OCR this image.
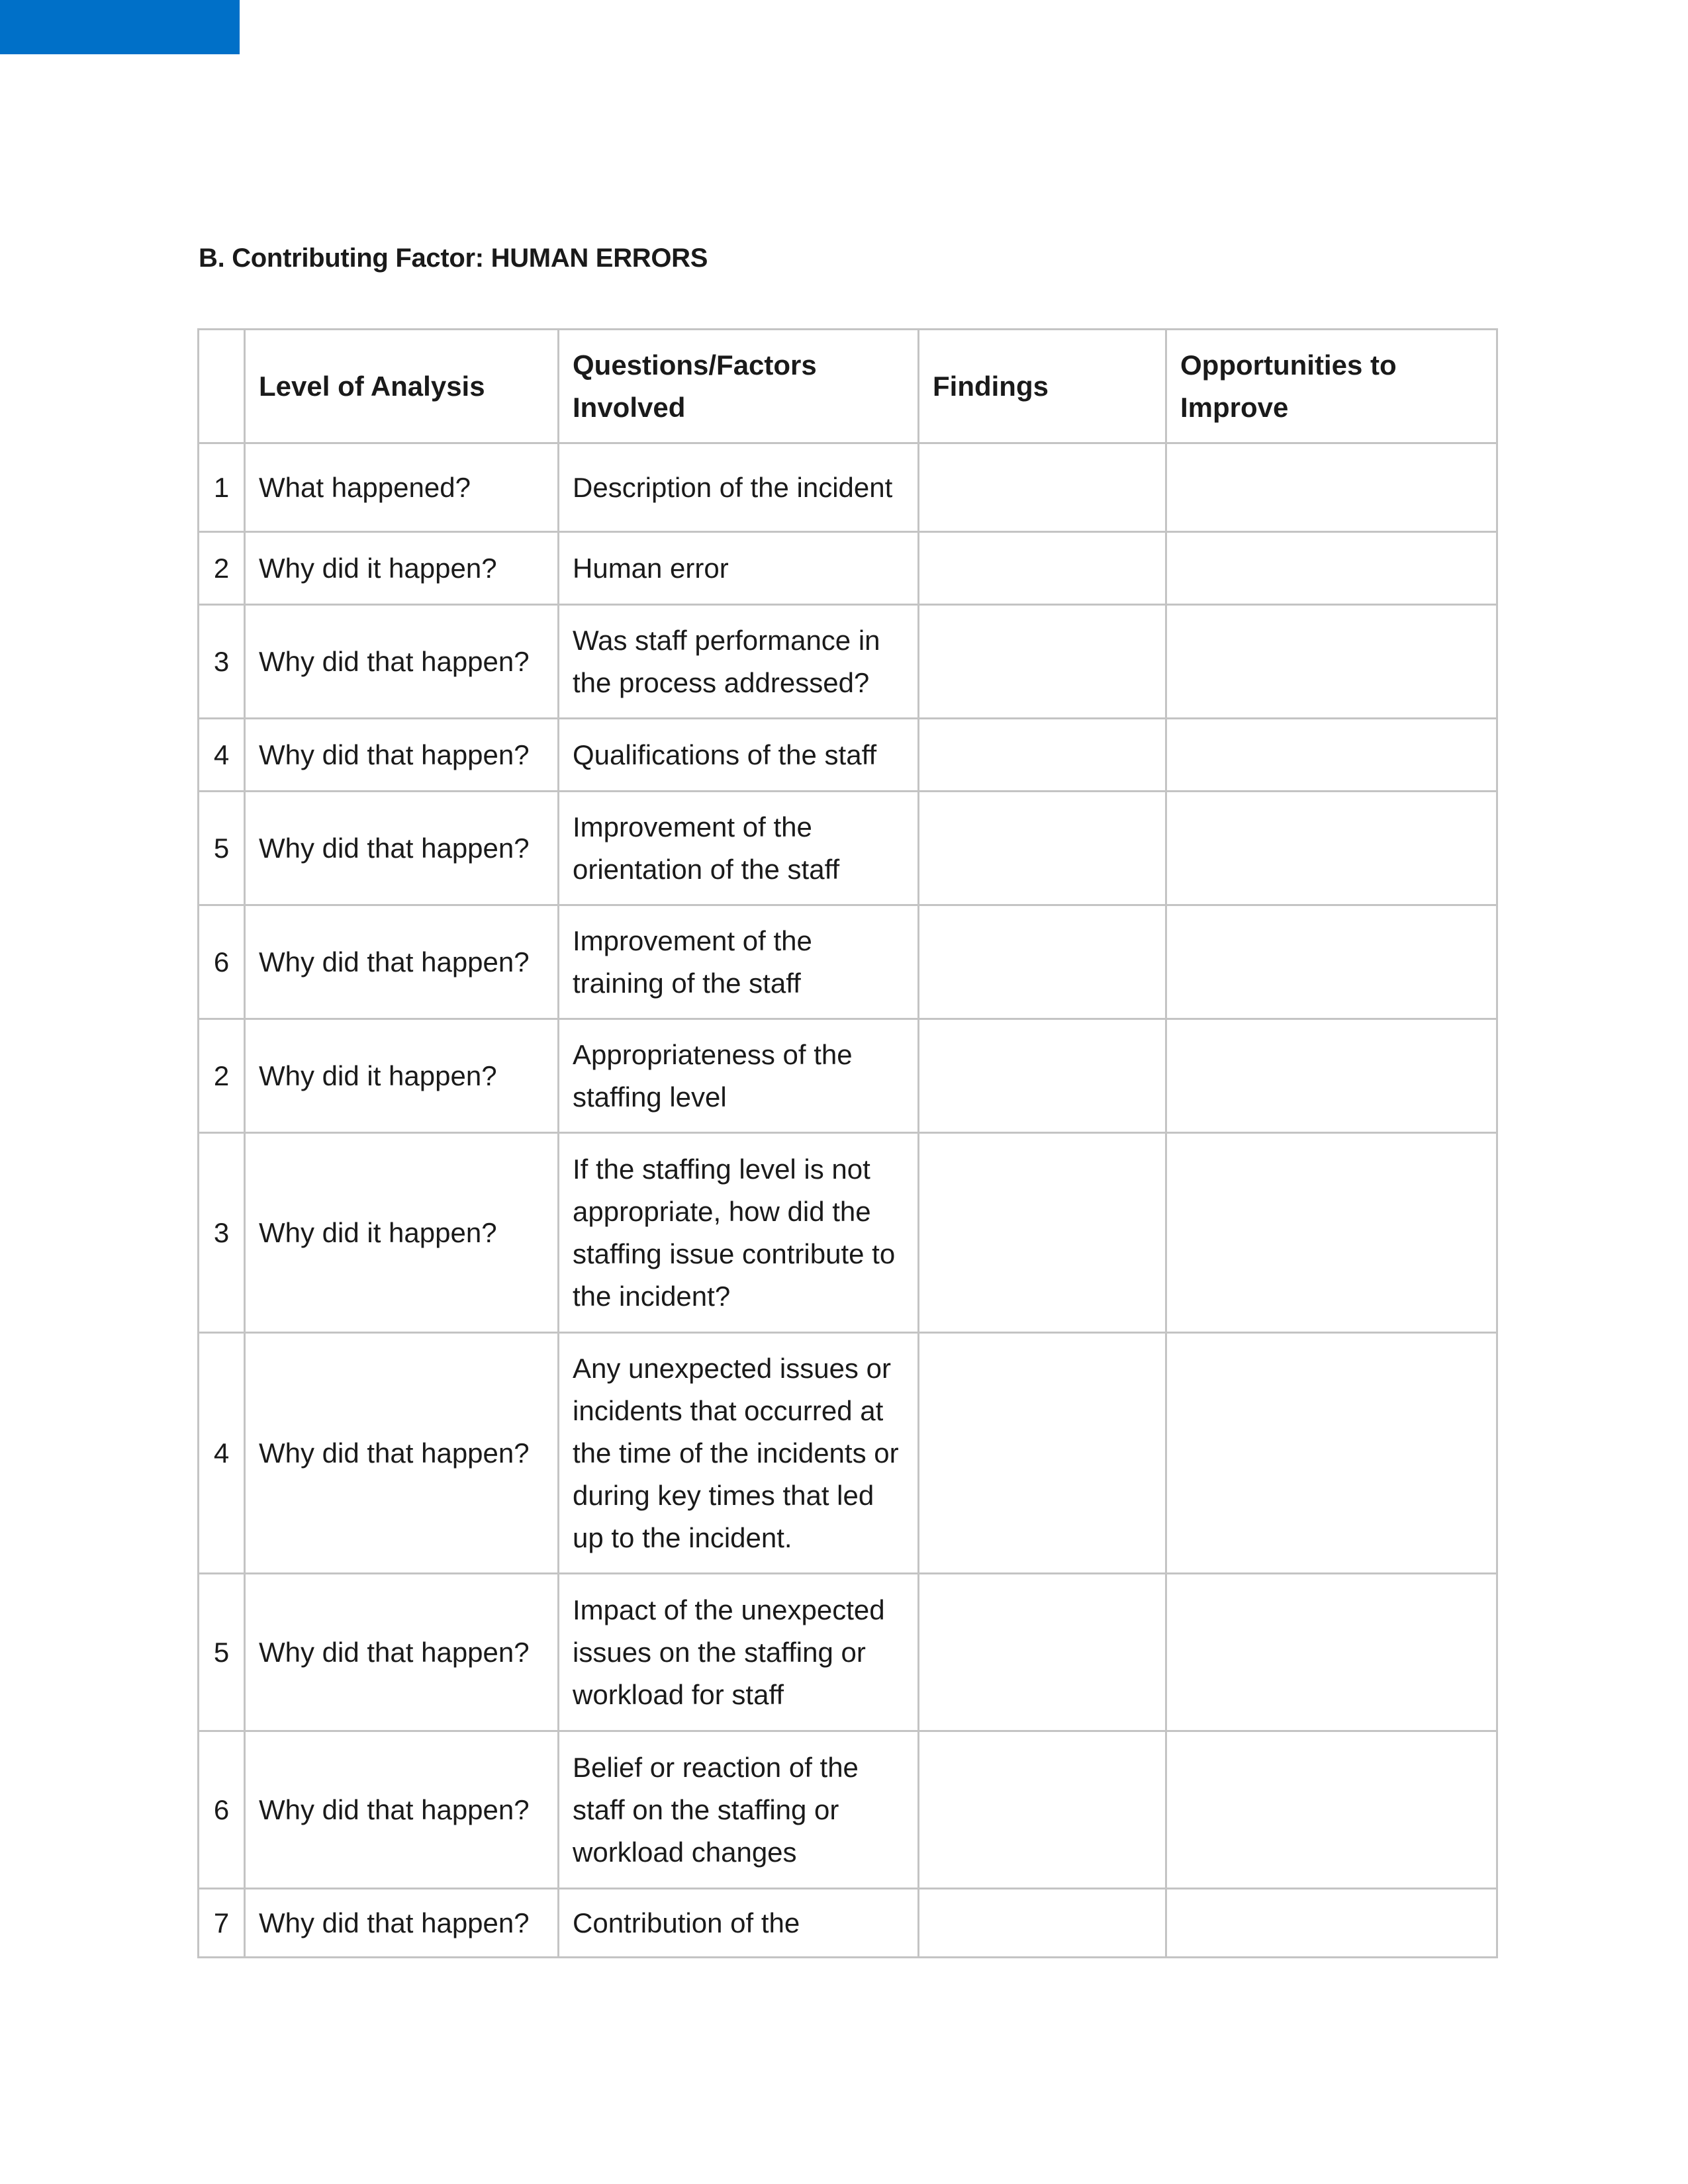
B. Contributing Factor: HUMAN ERRORS
	Level of Analysis	Questions/Factors Involved	Findings	Opportunities to Improve
1	What happened?	Description of the incident		
2	Why did it happen?	Human error		
3	Why did that happen?	Was staff performance in the process addressed?		
4	Why did that happen?	Qualifications of the staff		
5	Why did that happen?	Improvement of the orientation of the staff		
6	Why did that happen?	Improvement of the training of the staff		
2	Why did it happen?	Appropriateness of the staffing level		
3	Why did it happen?	If the staffing level is not appropriate, how did the staffing issue contribute to the incident?		
4	Why did that happen?	Any unexpected issues or incidents that occurred at the time of the incidents or during key times that led up to the incident.		
5	Why did that happen?	Impact of the unexpected issues on the staffing or workload for staff		
6	Why did that happen?	Belief or reaction of the staff on the staffing or workload changes		
7	Why did that happen?	Contribution of the		
